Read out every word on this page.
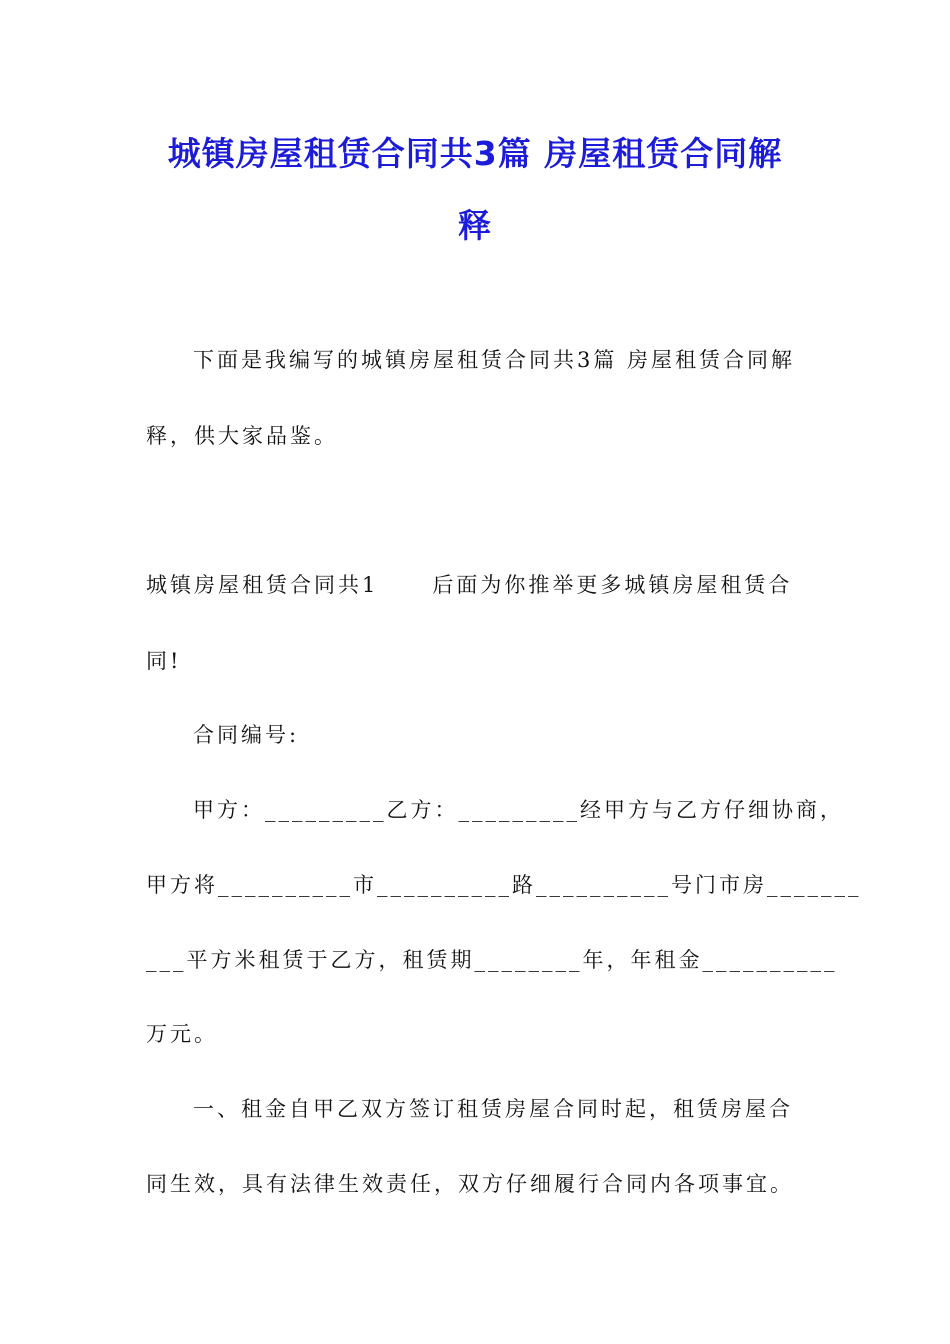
城镇房屋租赁合同共3篇 房屋租赁合同解
释
下面是我编写的城镇房屋租赁合同共3篇 房屋租赁合同解
释，供大家品鉴。
城镇房屋租赁合同共1	后面为你推举更多城镇房屋租赁合
同!
合同编号:
甲方：_________乙方：_________经甲方与乙方仔细协商，
甲方将__________市__________路__________号门市房_______
___平方米租赁于乙方，租赁期________年，年租金__________
万元。
一、租金自甲乙双方签订租赁房屋合同时起，租赁房屋合
同生效，具有法律生效责任，双方仔细履行合同内各项事宜。
